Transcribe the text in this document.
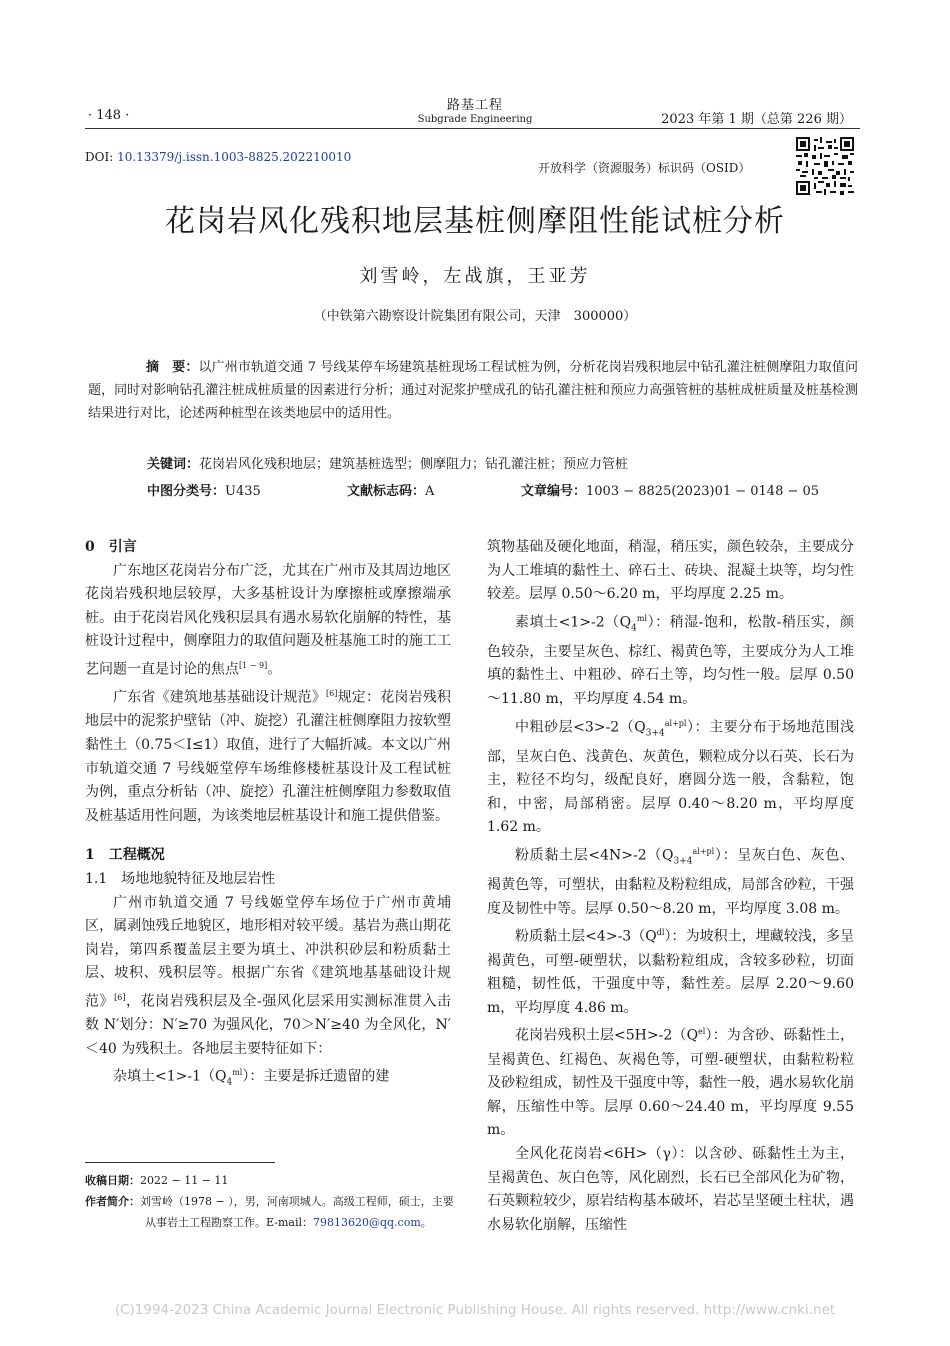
· 148 ·
路基工程
Subgrade Engineering	2023 年第 1 期（总第 226 期）
DOI: 10.13379/j.issn.1003-8825.202210010
开放科学（资源服务）标识码（OSID）
花岗岩风化残积地层基桩侧摩阻性能试桩分析
刘雪岭，左战旗，王亚芳
（中铁第六勘察设计院集团有限公司，天津　300000）
摘　要：以广州市轨道交通 7 号线某停车场建筑基桩现场工程试桩为例，分析花岗岩残积地层中钻孔灌注桩侧摩阻力取值问题，同时对影响钻孔灌注桩成桩质量的因素进行分析；通过对泥浆护壁成孔的钻孔灌注桩和预应力高强管桩的基桩成桩质量及桩基检测结果进行对比，论述两种桩型在该类地层中的适用性。
关键词：花岗岩风化残积地层；建筑基桩选型；侧摩阻力；钻孔灌注桩；预应力管桩
中图分类号：U435	文献标志码：A	文章编号：1003 − 8825(2023)01 − 0148 − 05
0　引言

广东地区花岗岩分布广泛，尤其在广州市及其周边地区花岗岩残积地层较厚，大多基桩设计为摩擦桩或摩擦端承桩。由于花岗岩风化残积层具有遇水易软化崩解的特性，基桩设计过程中，侧摩阻力的取值问题及桩基施工时的施工工艺问题一直是讨论的焦点[1 − 9]。

广东省《建筑地基基础设计规范》[6]规定：花岗岩残积地层中的泥浆护壁钻（冲、旋挖）孔灌注桩侧摩阻力按软塑黏性土（0.75＜I≤1）取值，进行了大幅折减。本文以广州市轨道交通 7 号线姬堂停车场维修楼桩基设计及工程试桩为例，重点分析钻（冲、旋挖）孔灌注桩侧摩阻力参数取值及桩基适用性问题，为该类地层桩基设计和施工提供借鉴。

1　工程概况
1.1　场地地貌特征及地层岩性

广州市轨道交通 7 号线姬堂停车场位于广州市黄埔区，属剥蚀残丘地貌区，地形相对较平缓。基岩为燕山期花岗岩，第四系覆盖层主要为填土、冲洪积砂层和粉质黏土层、坡积、残积层等。根据广东省《建筑地基基础设计规范》[6]，花岗岩残积层及全-强风化层采用实测标准贯入击数 N′划分：N′≥70 为强风化，70＞N′≥40 为全风化，N′＜40 为残积土。各地层主要特征如下：

杂填土$<1>-1(Q_4^{ml})$：主要是拆迁遗留的建

筑物基础及硬化地面，稍湿，稍压实，颜色较杂，主要成分为人工堆填的黏性土、碎石土、砖块、混凝土块等，均匀性较差。层厚 0.50～6.20 m，平均厚度 2.25 m。

素填土$<1>-2(Q_4^{ml})$：稍湿-饱和，松散-稍压实，颜色较杂，主要呈灰色、棕红、褐黄色等，主要成分为人工堆填的黏性土、中粗砂、碎石土等，均匀性一般。层厚 0.50～11.80 m，平均厚度 4.54 m。

中粗砂层$<3>-2(Q_{3+4}^{al+pl})$：主要分布于场地范围浅部，呈灰白色、浅黄色、灰黄色，颗粒成分以石英、长石为主，粒径不均匀，级配良好，磨圆分选一般，含黏粒，饱和，中密，局部稍密。层厚 0.40～8.20 m，平均厚度 1.62 m。

粉质黏土层$<4N>-2(Q_{3+4}^{al+pl})$：呈灰白色、灰色、褐黄色等，可塑状，由黏粒及粉粒组成，局部含砂粒，干强度及韧性中等。层厚 0.50～8.20 m，平均厚度 3.08 m。

粉质黏土层$<4>-3(Q^{dl})$：为坡积土，埋藏较浅，多呈褐黄色，可塑-硬塑状，以黏粉粒组成，含较多砂粒，切面粗糙，韧性低，干强度中等，黏性差。层厚 2.20～9.60 m，平均厚度 4.86 m。

花岗岩残积土层$<5H>-2(Q^{el})$：为含砂、砾黏性土，呈褐黄色、红褐色、灰褐色等，可塑-硬塑状，由黏粒粉粒及砂粒组成，韧性及干强度中等，黏性一般，遇水易软化崩解，压缩性中等。层厚 0.60～24.40 m，平均厚度 9.55 m。

全风化花岗岩<6H>（γ）：以含砂、砾黏性土为主，呈褐黄色、灰白色等，风化剧烈，长石已全部风化为矿物，石英颗粒较少，原岩结构基本破坏，岩芯呈坚硬土柱状，遇水易软化崩解，压缩性

收稿日期：2022 − 11 − 11
作者简介：刘雪岭（1978 − ），男，河南项城人。高级工程师，硕士，主要从事岩土工程勘察工作。E-mail：79813620@qq.com。
(C)1994-2023 China Academic Journal Electronic Publishing House. All rights reserved. http://www.cnki.net
